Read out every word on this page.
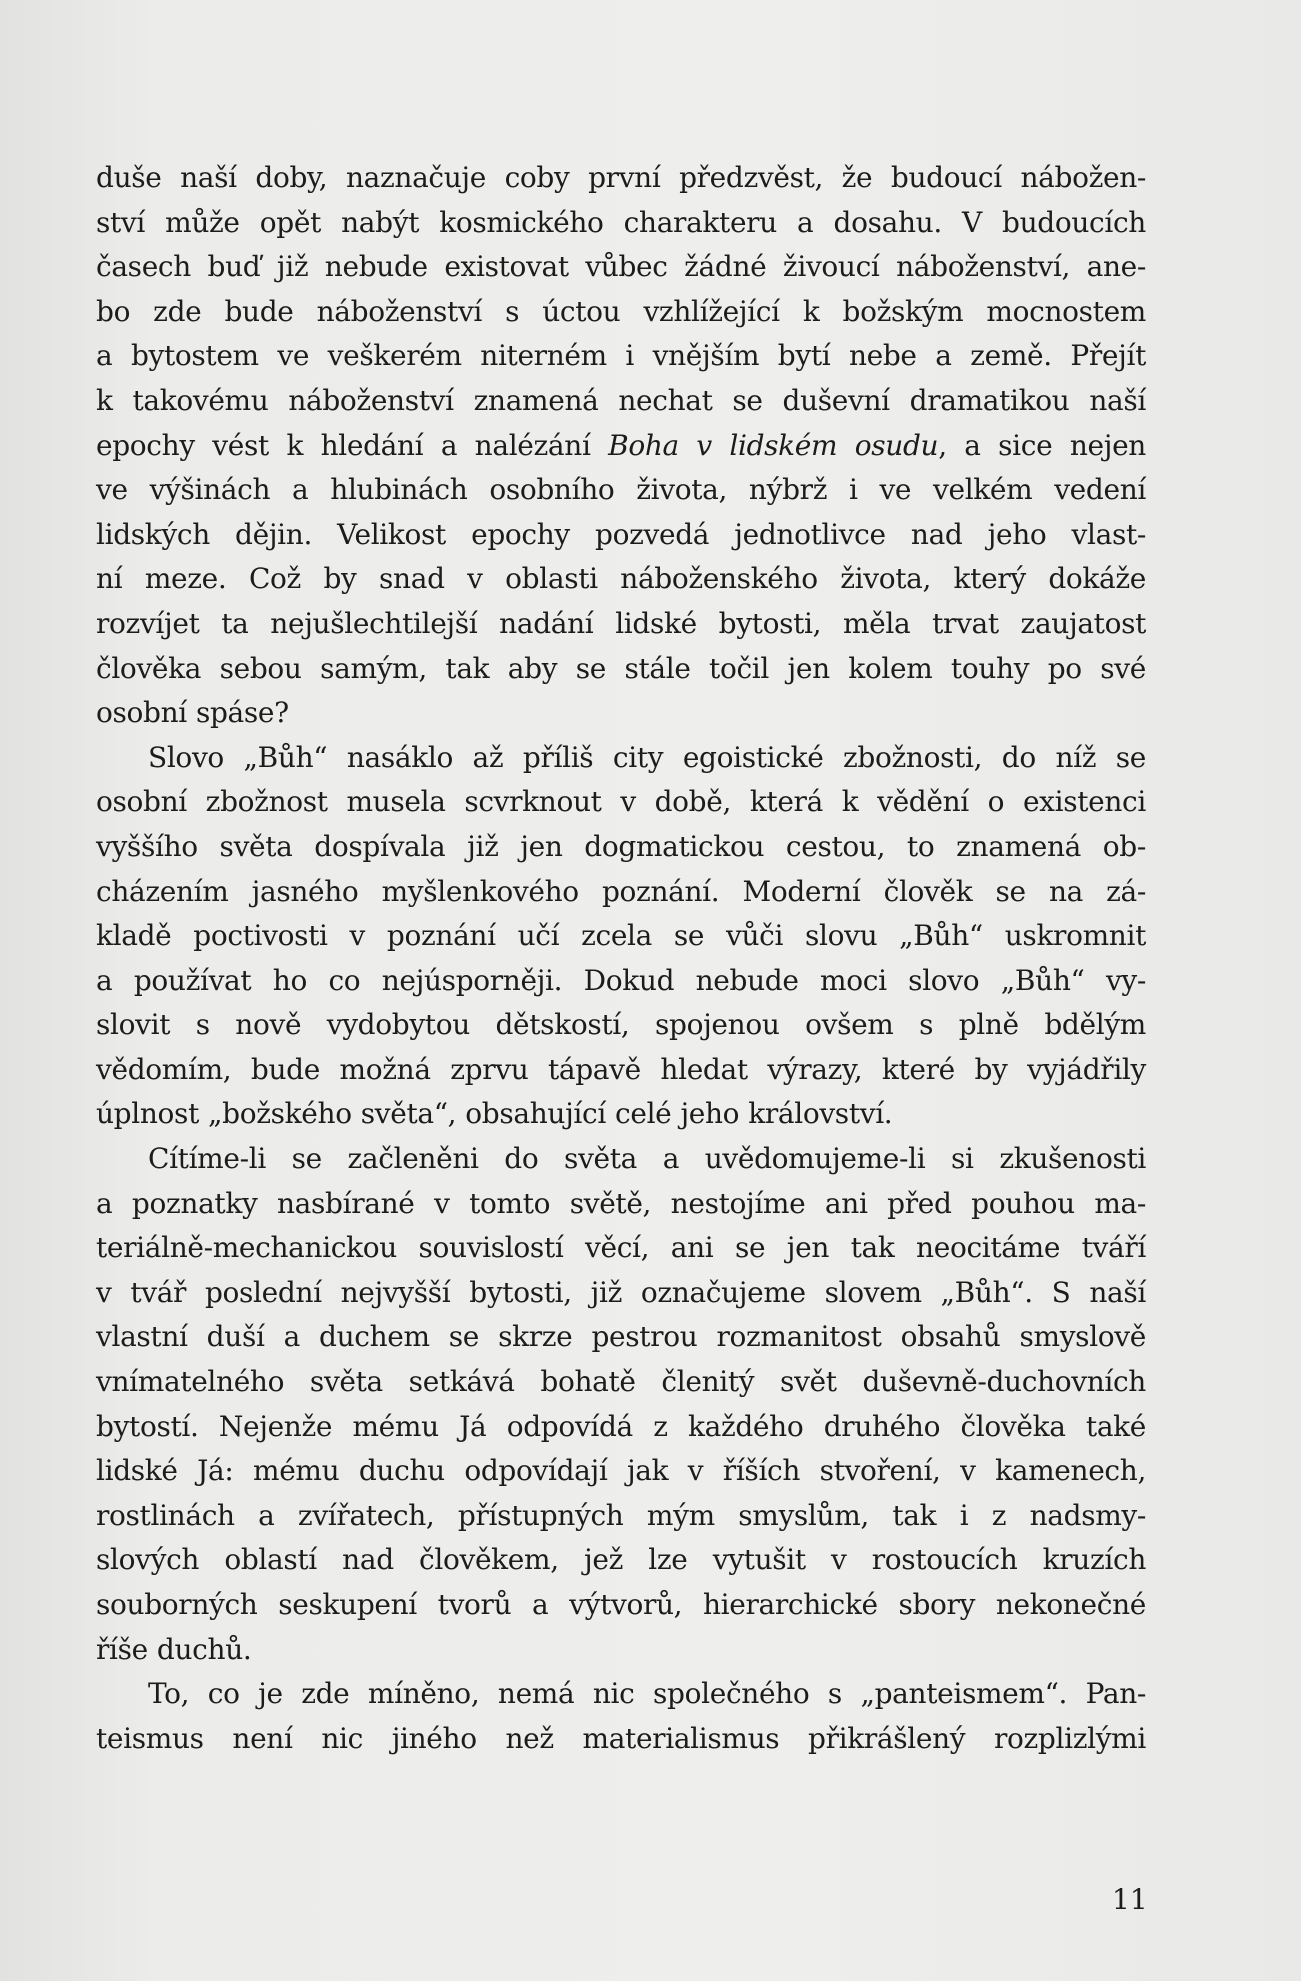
duše naší doby, naznačuje coby první předzvěst, že budoucí nábožen-
ství může opět nabýt kosmického charakteru a dosahu. V budoucích
časech buď již nebude existovat vůbec žádné živoucí náboženství, ane-
bo zde bude náboženství s úctou vzhlížející k božským mocnostem
a bytostem ve veškerém niterném i vnějším bytí nebe a země. Přejít
k takovému náboženství znamená nechat se duševní dramatikou naší
epochy vést k hledání a nalézání Boha v lidském osudu, a sice nejen
ve výšinách a hlubinách osobního života, nýbrž i ve velkém vedení
lidských dějin. Velikost epochy pozvedá jednotlivce nad jeho vlast-
ní meze. Což by snad v oblasti náboženského života, který dokáže
rozvíjet ta nejušlechtilejší nadání lidské bytosti, měla trvat zaujatost
člověka sebou samým, tak aby se stále točil jen kolem touhy po své
osobní spáse?
Slovo „Bůh“ nasáklo až příliš city egoistické zbožnosti, do níž se
osobní zbožnost musela scvrknout v době, která k vědění o existenci
vyššího světa dospívala již jen dogmatickou cestou, to znamená ob-
cházením jasného myšlenkového poznání. Moderní člověk se na zá-
kladě poctivosti v poznání učí zcela se vůči slovu „Bůh“ uskromnit
a používat ho co nejúsporněji. Dokud nebude moci slovo „Bůh“ vy-
slovit s nově vydobytou dětskostí, spojenou ovšem s plně bdělým
vědomím, bude možná zprvu tápavě hledat výrazy, které by vyjádřily
úplnost „božského světa“, obsahující celé jeho království.
Cítíme-li se začleněni do světa a uvědomujeme-li si zkušenosti
a poznatky nasbírané v tomto světě, nestojíme ani před pouhou ma-
teriálně-mechanickou souvislostí věcí, ani se jen tak neocitáme tváří
v tvář poslední nejvyšší bytosti, již označujeme slovem „Bůh“. S naší
vlastní duší a duchem se skrze pestrou rozmanitost obsahů smyslově
vnímatelného světa setkává bohatě členitý svět duševně-duchovních
bytostí. Nejenže mému Já odpovídá z každého druhého člověka také
lidské Já: mému duchu odpovídají jak v říších stvoření, v kamenech,
rostlinách a zvířatech, přístupných mým smyslům, tak i z nadsmy-
slových oblastí nad člověkem, jež lze vytušit v rostoucích kruzích
souborných seskupení tvorů a výtvorů, hierarchické sbory nekonečné
říše duchů.
To, co je zde míněno, nemá nic společného s „panteismem“. Pan-
teismus není nic jiného než materialismus přikrášlený rozplizlými
11
